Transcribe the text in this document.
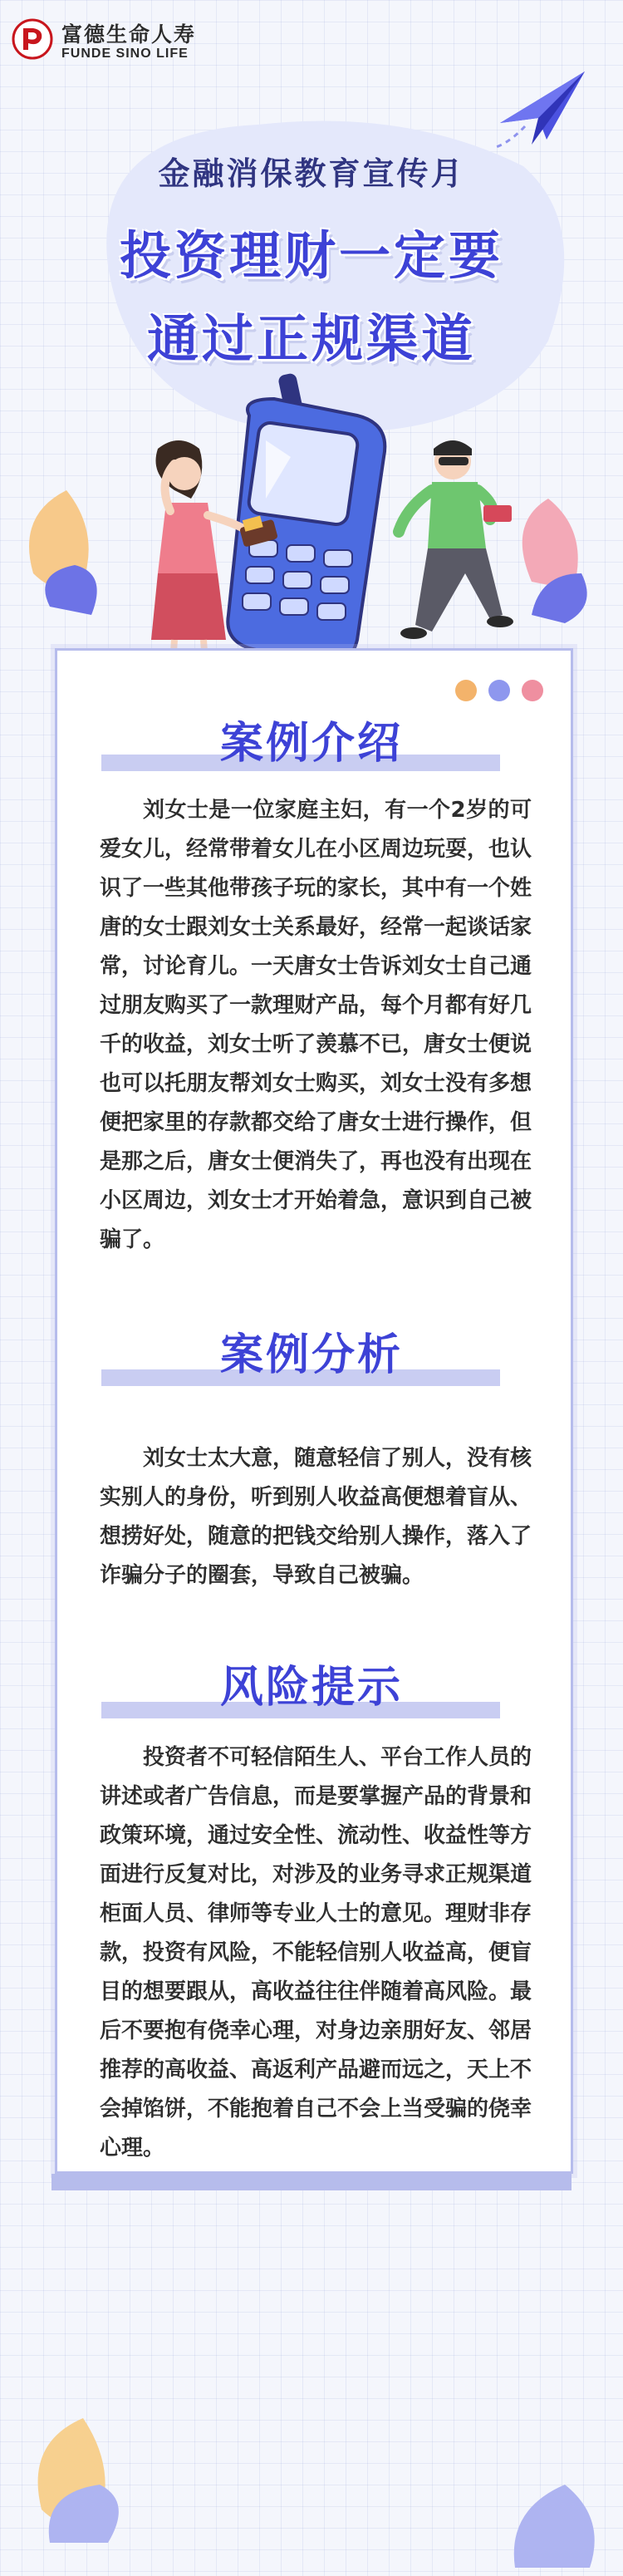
富德生命人寿
FUNDE SINO LIFE
金融消保教育宣传月
投资理财一定要
通过正规渠道
案例介绍
刘女士是一位家庭主妇，有一个2岁的可爱女儿，经常带着女儿在小区周边玩耍，也认识了一些其他带孩子玩的家长，其中有一个姓唐的女士跟刘女士关系最好，经常一起谈话家常，讨论育儿。一天唐女士告诉刘女士自己通过朋友购买了一款理财产品，每个月都有好几千的收益，刘女士听了羡慕不已，唐女士便说也可以托朋友帮刘女士购买，刘女士没有多想便把家里的存款都交给了唐女士进行操作，但是那之后，唐女士便消失了，再也没有出现在小区周边，刘女士才开始着急，意识到自己被骗了。
案例分析
刘女士太大意，随意轻信了别人，没有核实别人的身份，听到别人收益高便想着盲从、想捞好处，随意的把钱交给别人操作，落入了诈骗分子的圈套，导致自己被骗。
风险提示
投资者不可轻信陌生人、平台工作人员的讲述或者广告信息，而是要掌握产品的背景和政策环境，通过安全性、流动性、收益性等方面进行反复对比，对涉及的业务寻求正规渠道柜面人员、律师等专业人士的意见。理财非存款，投资有风险，不能轻信别人收益高，便盲目的想要跟从，高收益往往伴随着高风险。最后不要抱有侥幸心理，对身边亲朋好友、邻居推荐的高收益、高返利产品避而远之，天上不会掉馅饼，不能抱着自己不会上当受骗的侥幸心理。
